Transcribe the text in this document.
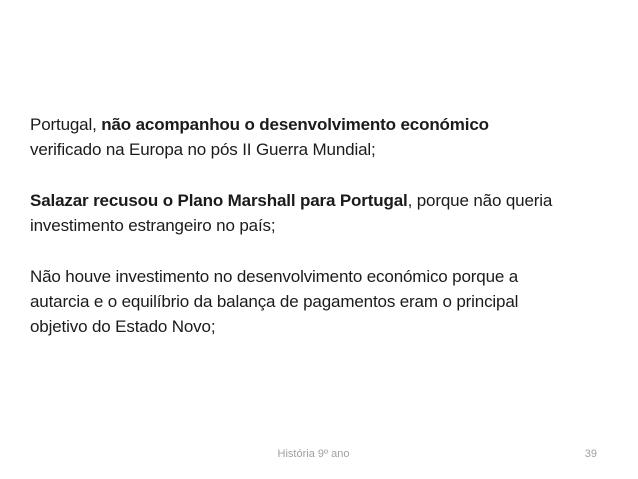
Portugal, não acompanhou o desenvolvimento económico
verificado na Europa no pós II Guerra Mundial;
Salazar recusou o Plano Marshall para Portugal, porque não queria
investimento estrangeiro no país;
Não houve investimento no desenvolvimento económico porque a
autarcia e o equilíbrio da balança de pagamentos eram o principal
objetivo do Estado Novo;
História 9º ano	39
